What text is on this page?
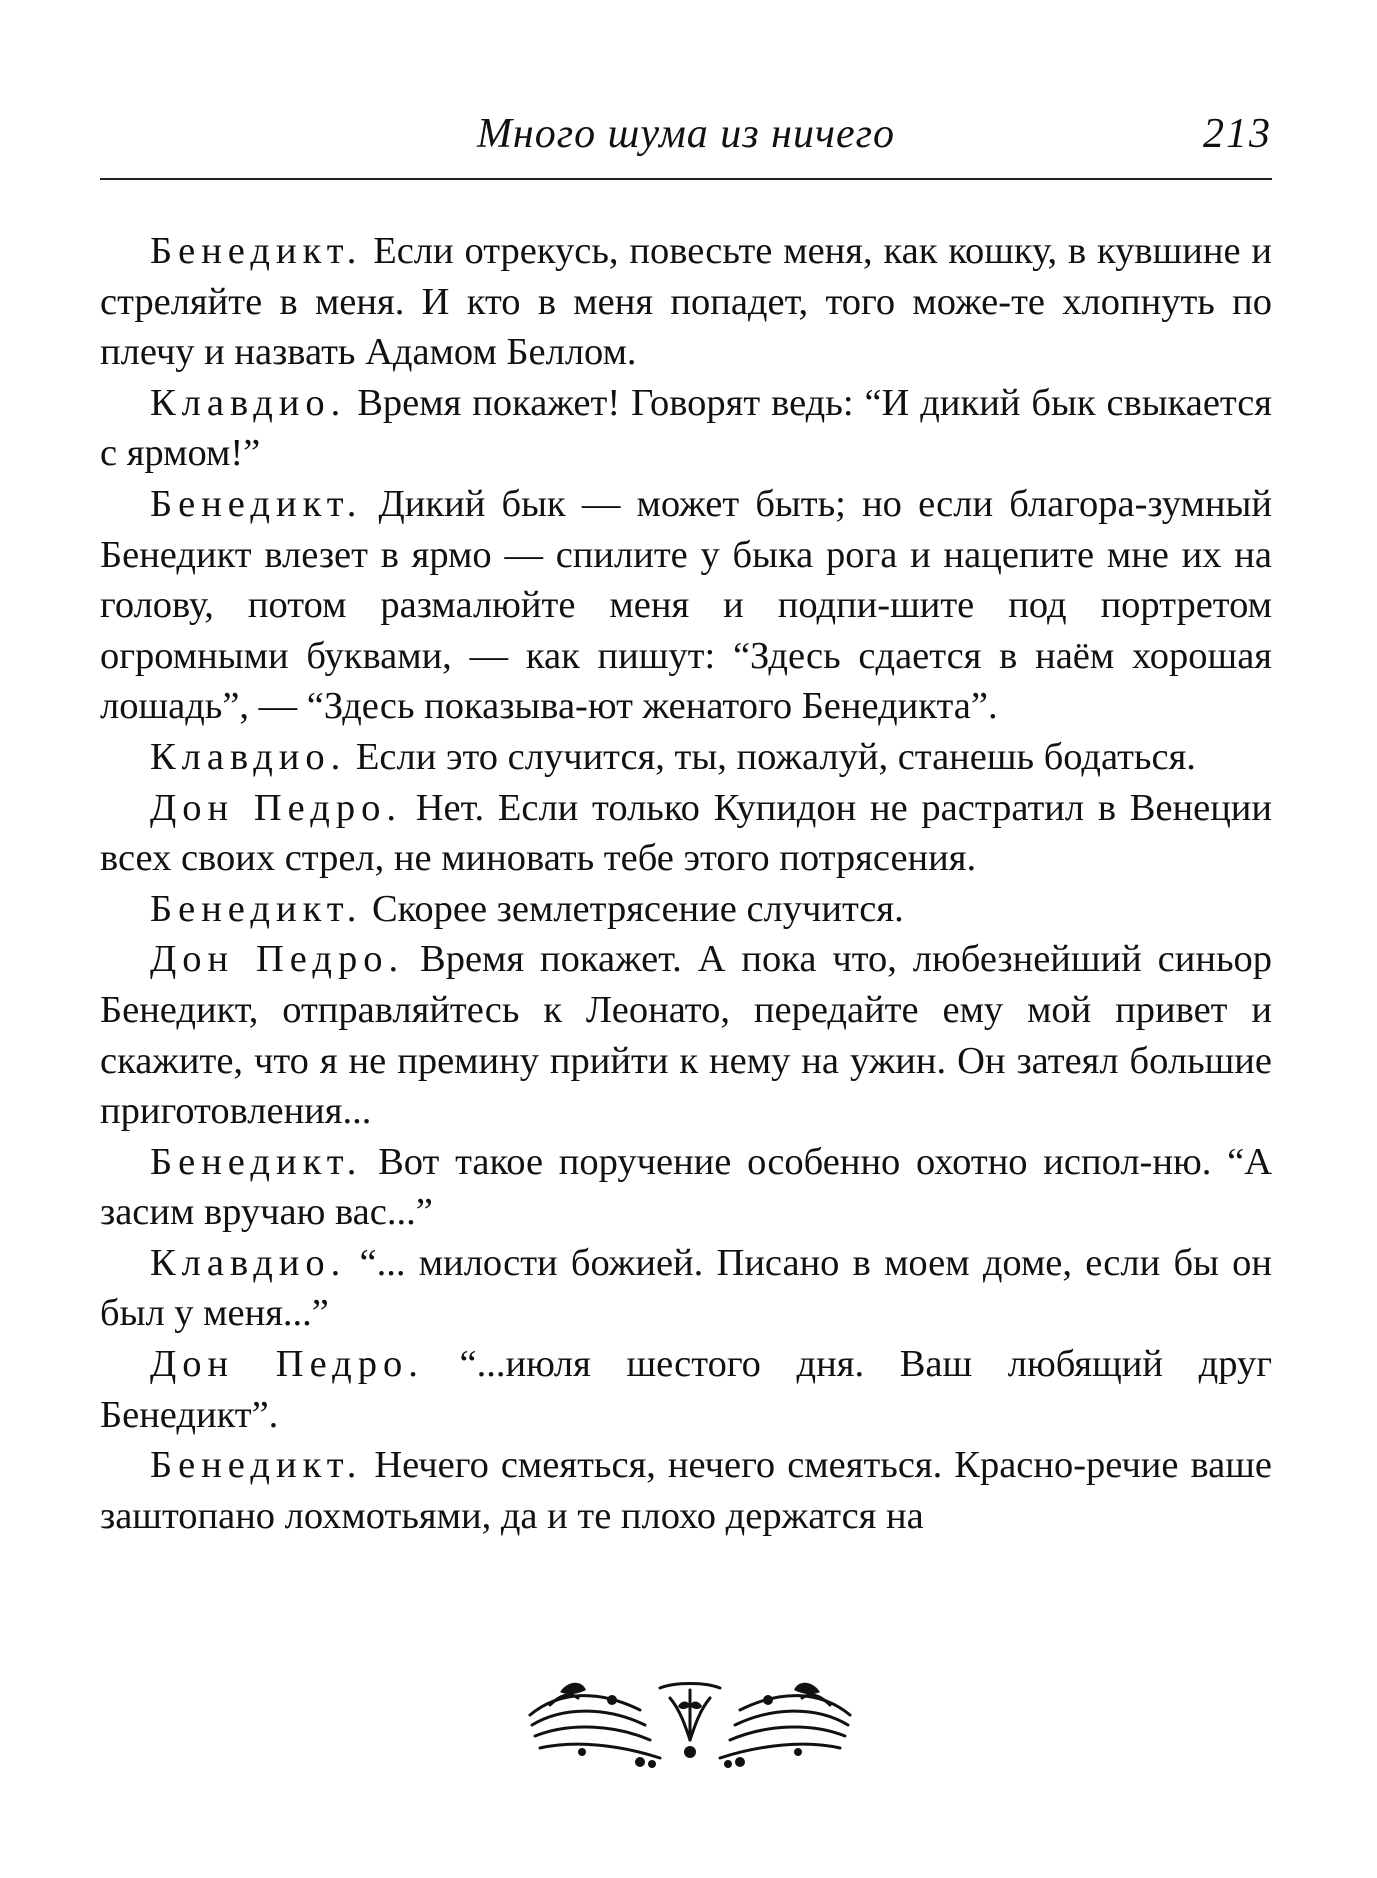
Много шума из ничего	213

Бенедикт. Если отрекусь, повесьте меня, как кошку, в кувшине и стреляйте в меня. И кто в меня попадет, того може-те хлопнуть по плечу и назвать Адамом Беллом.

Клавдио. Время покажет! Говорят ведь: “И дикий бык свыкается с ярмом!”

Бенедикт. Дикий бык — может быть; но если благора-зумный Бенедикт влезет в ярмо — спилите у быка рога и нацепите мне их на голову, потом размалюйте меня и подпи-шите под портретом огромными буквами, — как пишут: “Здесь сдается в наём хорошая лошадь”, — “Здесь показыва-ют женатого Бенедикта”.

Клавдио. Если это случится, ты, пожалуй, станешь бодаться.

Дон Педро. Нет. Если только Купидон не растратил в Венеции всех своих стрел, не миновать тебе этого потрясения.

Бенедикт. Скорее землетрясение случится.

Дон Педро. Время покажет. А пока что, любезнейший синьор Бенедикт, отправляйтесь к Леонато, передайте ему мой привет и скажите, что я не премину прийти к нему на ужин. Он затеял большие приготовления...

Бенедикт. Вот такое поручение особенно охотно испол-ню. “А засим вручаю вас...”

Клавдио. “... милости божией. Писано в моем доме, если бы он был у меня...”

Дон Педро. “...июля шестого дня. Ваш любящий друг Бенедикт”.

Бенедикт. Нечего смеяться, нечего смеяться. Красно-речие ваше заштопано лохмотьями, да и те плохо держатся на
